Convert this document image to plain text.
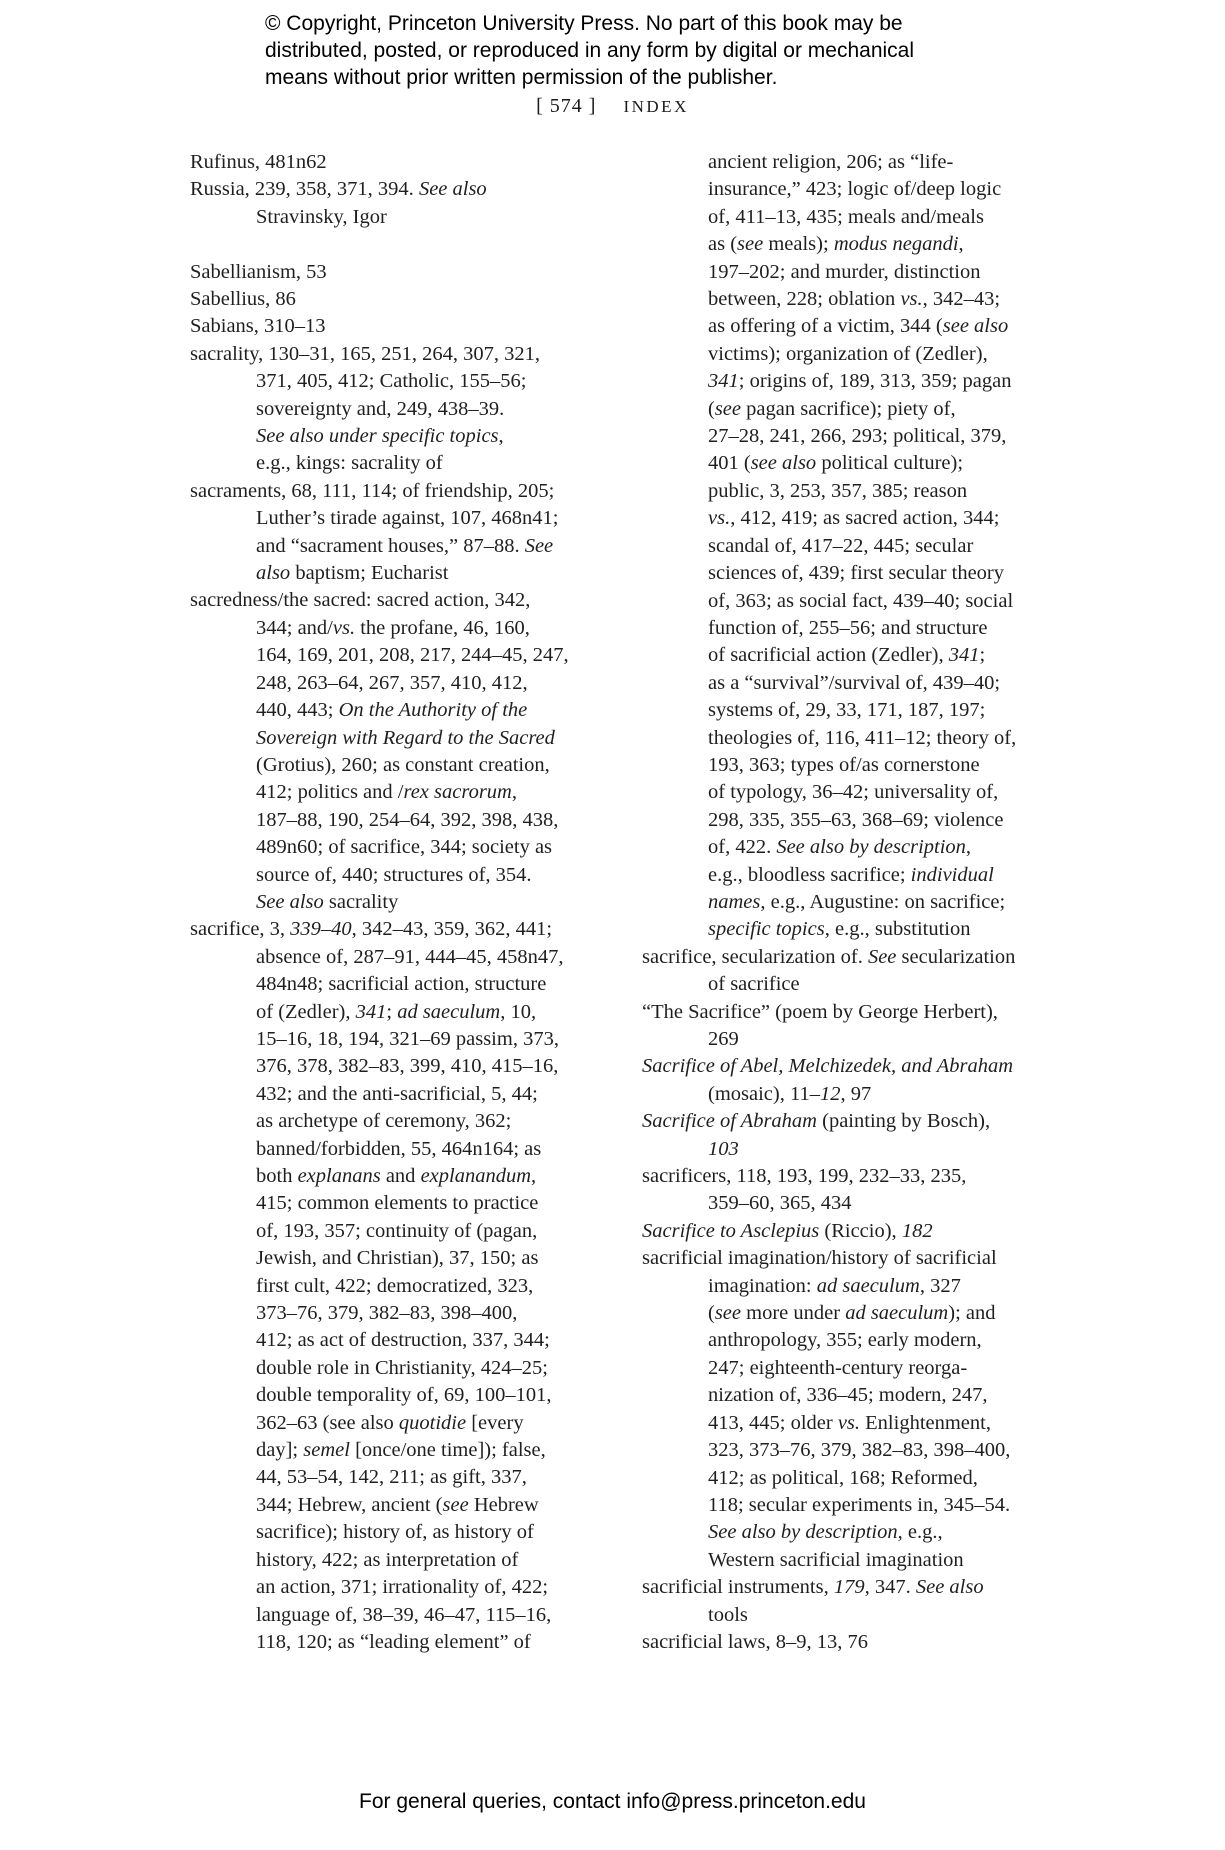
© Copyright, Princeton University Press. No part of this book may be
distributed, posted, or reproduced in any form by digital or mechanical
means without prior written permission of the publisher.
[ 574 ] INDEX
Rufinus, 481n62
Russia, 239, 358, 371, 394. See also
Stravinsky, Igor
Sabellianism, 53
Sabellius, 86
Sabians, 310–13
sacrality, 130–31, 165, 251, 264, 307, 321,
371, 405, 412; Catholic, 155–56;
sovereignty and, 249, 438–39.
See also under specific topics,
e.g., kings: sacrality of
sacraments, 68, 111, 114; of friendship, 205;
Luther’s tirade against, 107, 468n41;
and “sacrament houses,” 87–88. See
also baptism; Eucharist
sacredness/the sacred: sacred action, 342,
344; and/vs. the profane, 46, 160,
164, 169, 201, 208, 217, 244–45, 247,
248, 263–64, 267, 357, 410, 412,
440, 443; On the Authority of the
Sovereign with Regard to the Sacred
(Grotius), 260; as constant creation,
412; politics and /rex sacrorum,
187–88, 190, 254–64, 392, 398, 438,
489n60; of sacrifice, 344; society as
source of, 440; structures of, 354.
See also sacrality
sacrifice, 3, 339–40, 342–43, 359, 362, 441;
absence of, 287–91, 444–45, 458n47,
484n48; sacrificial action, structure
of (Zedler), 341; ad saeculum, 10,
15–16, 18, 194, 321–69 passim, 373,
376, 378, 382–83, 399, 410, 415–16,
432; and the anti-sacrificial, 5, 44;
as archetype of ceremony, 362;
banned/forbidden, 55, 464n164; as
both explanans and explanandum,
415; common elements to practice
of, 193, 357; continuity of (pagan,
Jewish, and Christian), 37, 150; as
first cult, 422; democratized, 323,
373–76, 379, 382–83, 398–400,
412; as act of destruction, 337, 344;
double role in Christianity, 424–25;
double temporality of, 69, 100–101,
362–63 (see also quotidie [every
day]; semel [once/one time]); false,
44, 53–54, 142, 211; as gift, 337,
344; Hebrew, ancient (see Hebrew
sacrifice); history of, as history of
history, 422; as interpretation of
an action, 371; irrationality of, 422;
language of, 38–39, 46–47, 115–16,
118, 120; as “leading element” of
ancient religion, 206; as “life-
insurance,” 423; logic of/deep logic
of, 411–13, 435; meals and/meals
as (see meals); modus negandi,
197–202; and murder, distinction
between, 228; oblation vs., 342–43;
as offering of a victim, 344 (see also
victims); organization of (Zedler),
341; origins of, 189, 313, 359; pagan
(see pagan sacrifice); piety of,
27–28, 241, 266, 293; political, 379,
401 (see also political culture);
public, 3, 253, 357, 385; reason
vs., 412, 419; as sacred action, 344;
scandal of, 417–22, 445; secular
sciences of, 439; first secular theory
of, 363; as social fact, 439–40; social
function of, 255–56; and structure
of sacrificial action (Zedler), 341;
as a “survival”/survival of, 439–40;
systems of, 29, 33, 171, 187, 197;
theologies of, 116, 411–12; theory of,
193, 363; types of/as cornerstone
of typology, 36–42; universality of,
298, 335, 355–63, 368–69; violence
of, 422. See also by description,
e.g., bloodless sacrifice; individual
names, e.g., Augustine: on sacrifice;
specific topics, e.g., substitution
sacrifice, secularization of. See secularization
of sacrifice
“The Sacrifice” (poem by George Herbert),
269
Sacrifice of Abel, Melchizedek, and Abraham
(mosaic), 11–12, 97
Sacrifice of Abraham (painting by Bosch),
103
sacrificers, 118, 193, 199, 232–33, 235,
359–60, 365, 434
Sacrifice to Asclepius (Riccio), 182
sacrificial imagination/history of sacrificial
imagination: ad saeculum, 327
(see more under ad saeculum); and
anthropology, 355; early modern,
247; eighteenth-century reorga-
nization of, 336–45; modern, 247,
413, 445; older vs. Enlightenment,
323, 373–76, 379, 382–83, 398–400,
412; as political, 168; Reformed,
118; secular experiments in, 345–54.
See also by description, e.g.,
Western sacrificial imagination
sacrificial instruments, 179, 347. See also
tools
sacrificial laws, 8–9, 13, 76
For general queries, contact info@press.princeton.edu
